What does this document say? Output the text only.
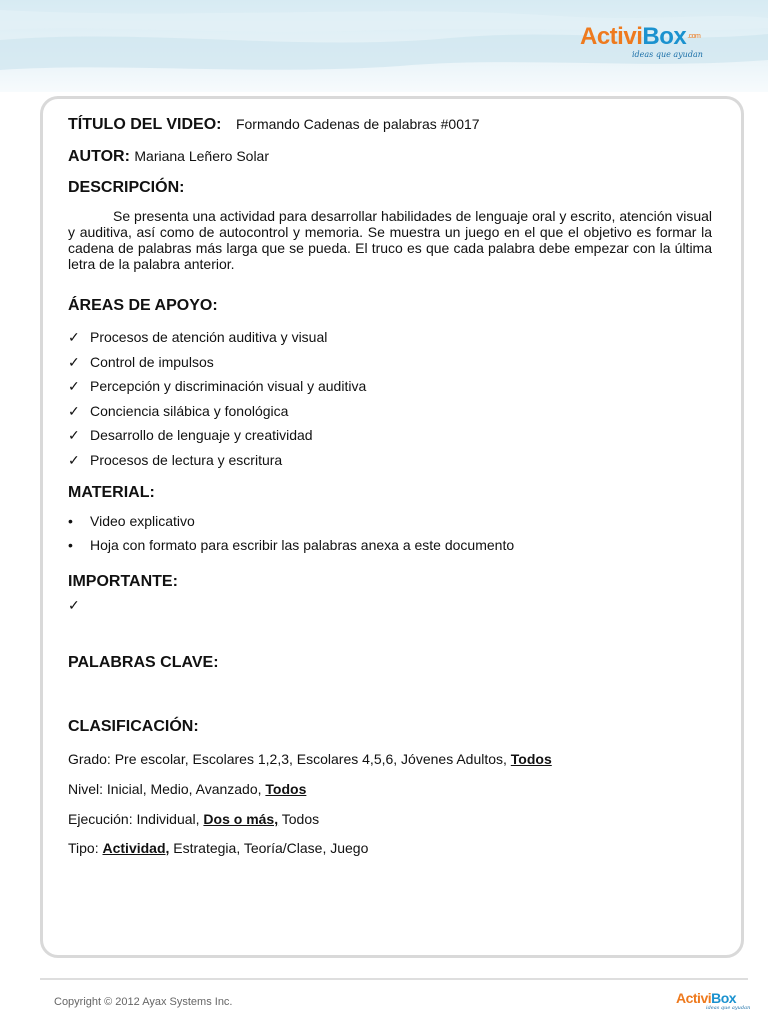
ActiviBox$^{.com}$
ideas que ayudan
TÍTULO DEL VIDEO: Formando Cadenas de palabras #0017
AUTOR: Mariana Leñero Solar
DESCRIPCIÓN:

Se presenta una actividad para desarrollar habilidades de lenguaje oral y escrito, atención visual y auditiva, así como de autocontrol y memoria. Se muestra un juego en el que el objetivo es formar la cadena de palabras más larga que se pueda. El truco es que cada palabra debe empezar con la última letra de la palabra anterior.

ÁREAS DE APOYO:
✓ Procesos de atención auditiva y visual
✓ Control de impulsos
✓ Percepción y discriminación visual y auditiva
✓ Conciencia silábica y fonológica
✓ Desarrollo de lenguaje y creatividad
✓ Procesos de lectura y escritura
MATERIAL:
• Video explicativo
• Hoja con formato para escribir las palabras anexa a este documento
IMPORTANTE:
✓
PALABRAS CLAVE:
CLASIFICACIÓN:
Grado: Pre escolar, Escolares 1,2,3, Escolares 4,5,6, Jóvenes Adultos, Todos
Nivel: Inicial, Medio, Avanzado, Todos
Ejecución: Individual, Dos o más, Todos
Tipo: Actividad, Estrategia, Teoría/Clase, Juego
Copyright © 2012 Ayax Systems Inc.	ActiviBox
ideas que ayudan
